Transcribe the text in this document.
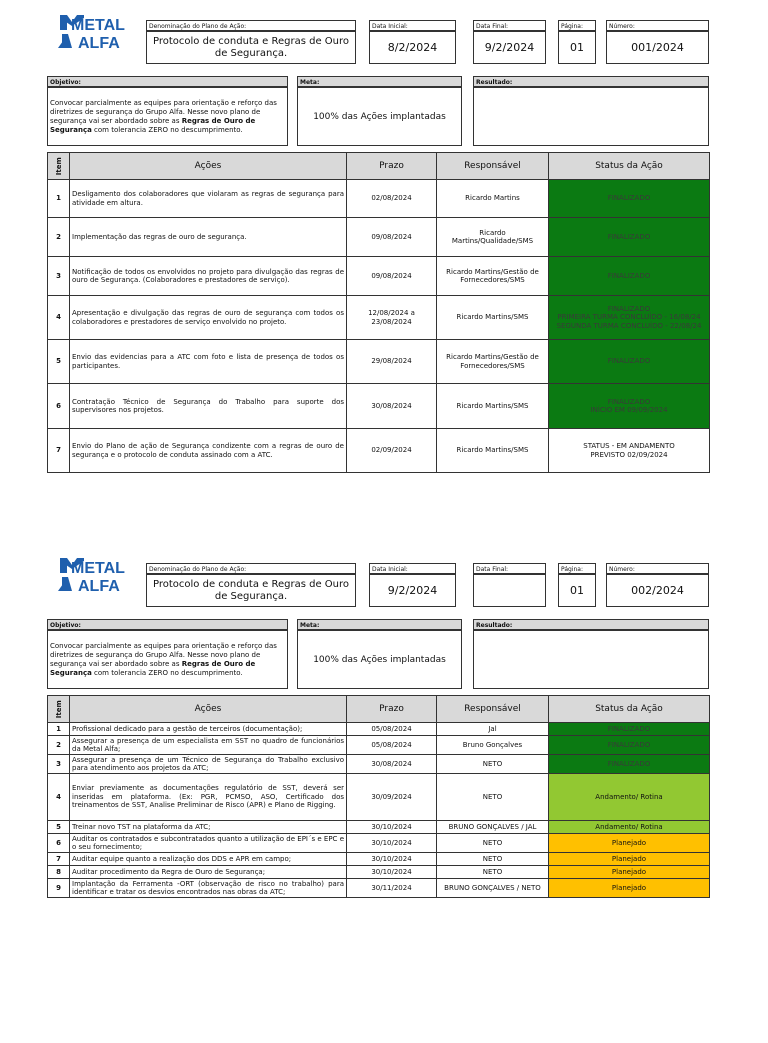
METAL
ALFA
Denominação do Plano de Ação:
Protocolo de conduta e Regras de Ouro de Segurança.
Data Inicial:
8/2/2024
Data Final:
9/2/2024
Página:
01
Número:
001/2024
Objetivo:
Convocar parcialmente as equipes para orientação e reforço das diretrizes de segurança do Grupo Alfa. Nesse novo plano de segurança vai ser abordado sobre as Regras de Ouro de Segurança com tolerancia ZERO no descumprimento.
Meta:
100% das Ações implantadas
Resultado:
Item	Ações	Prazo	Responsável	Status da Ação
1	Desligamento dos colaboradores que violaram as regras de segurança para atividade em altura.	02/08/2024	Ricardo Martins	FINALIZADO
2	Implementação das regras de ouro de segurança.	09/08/2024	Ricardo Martins/Qualidade/SMS	FINALIZADO
3	Notificação de todos os envolvidos no projeto para divulgação das regras de ouro de Segurança. (Colaboradores e prestadores de serviço).	09/08/2024	Ricardo Martins/Gestão de Fornecedores/SMS	FINALIZADO
4	Apresentação e divulgação das regras de ouro de segurança com todos os colaboradores e prestadores de serviço envolvido no projeto.	12/08/2024 a 23/08/2024	Ricardo Martins/SMS	FINALIZADO
PRIMEIRA TURMA CONCLUÍDO - 16/08/24
SEGUNDA TURMA CONCLUÍDO - 22/08/24
5	Envio das evidencias para a ATC com foto e lista de presença de todos os participantes.	29/08/2024	Ricardo Martins/Gestão de Fornecedores/SMS	FINALIZADO
6	Contratação Técnico de Segurança do Trabalho para suporte dos supervisores nos projetos.	30/08/2024	Ricardo Martins/SMS	FINALIZADO
INÍCIO EM 09/09/2024
7	Envio do Plano de ação de Segurança condizente com a regras de ouro de segurança e o protocolo de conduta assinado com a ATC.	02/09/2024	Ricardo Martins/SMS	STATUS - EM ANDAMENTO
PREVISTO 02/09/2024
METAL
ALFA
Denominação do Plano de Ação:
Protocolo de conduta e Regras de Ouro de Segurança.
Data Inicial:
9/2/2024
Data Final:	Página:
01
Número:
002/2024
Objetivo:
Convocar parcialmente as equipes para orientação e reforço das diretrizes de segurança do Grupo Alfa. Nesse novo plano de segurança vai ser abordado sobre as Regras de Ouro de Segurança com tolerancia ZERO no descumprimento.
Meta:
100% das Ações implantadas
Resultado:
Item	Ações	Prazo	Responsável	Status da Ação
1	Profissional dedicado para a gestão de terceiros (documentação);	05/08/2024	Jal	FINALIZADO
2	Assegurar a presença de um especialista em SST no quadro de funcionários da Metal Alfa;	05/08/2024	Bruno Gonçalves	FINALIZADO
3	Assegurar a presença de um Técnico de Segurança do Trabalho exclusivo para atendimento aos projetos da ATC;	30/08/2024	NETO	FINALIZADO
4	Enviar previamente as documentações regulatório de SST, deverá ser inseridas em plataforma. (Ex: PGR, PCMSO, ASO, Certificado dos treinamentos de SST, Analise Preliminar de Risco (APR) e Plano de Rigging.	30/09/2024	NETO	Andamento/ Rotina
5	Treinar novo TST na plataforma da ATC;	30/10/2024	BRUNO GONÇALVES / JAL	Andamento/ Rotina
6	Auditar os contratados e subcontratados quanto a utilização de EPI´s e EPC e o seu fornecimento;	30/10/2024	NETO	Planejado
7	Auditar equipe quanto a realização dos DDS e APR em campo;	30/10/2024	NETO	Planejado
8	Auditar procedimento da Regra de Ouro de Segurança;	30/10/2024	NETO	Planejado
9	Implantação da Ferramenta -ORT (observação de risco no trabalho) para identificar e tratar os desvios encontrados nas obras da ATC;	30/11/2024	BRUNO GONÇALVES / NETO	Planejado
